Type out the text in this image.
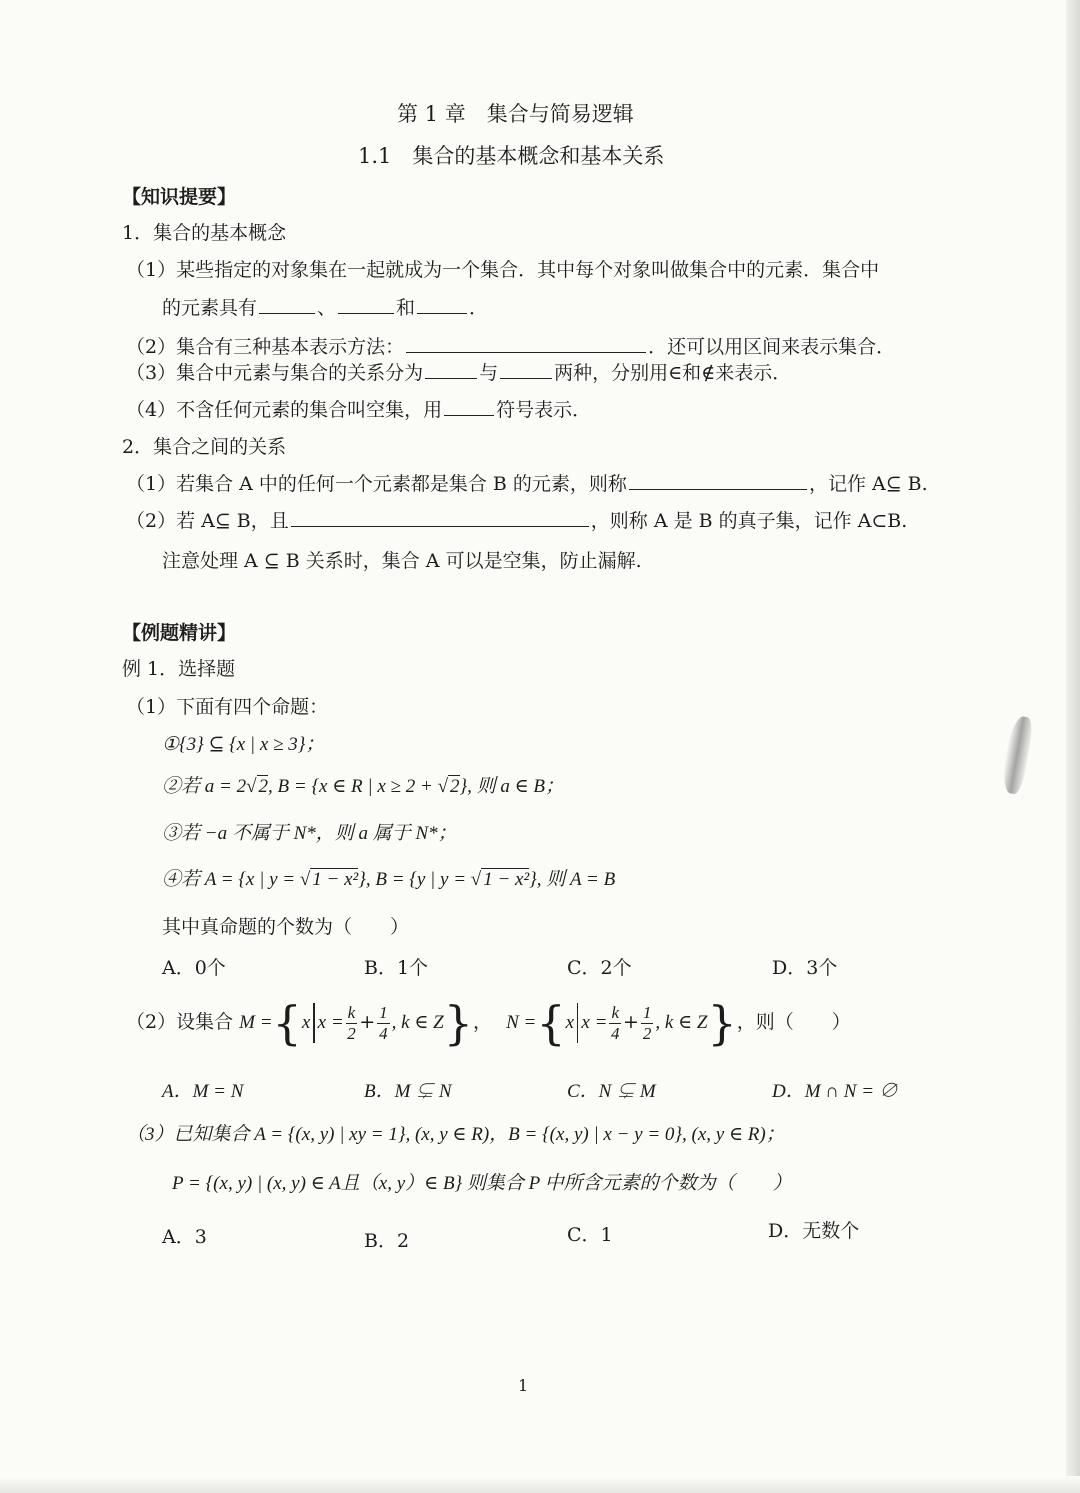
第 1 章　集合与简易逻辑
1.1　集合的基本概念和基本关系
【知识提要】
1．集合的基本概念
（1）某些指定的对象集在一起就成为一个集合．其中每个对象叫做集合中的元素．集合中
的元素具有	、	和	．
（2）集合有三种基本表示方法：	．还可以用区间来表示集合．
（3）集合中元素与集合的关系分为	与	两种，分别用∈和∉来表示．
（4）不含任何元素的集合叫空集，用	符号表示．
2．集合之间的关系
（1）若集合 A 中的任何一个元素都是集合 B 的元素，则称	，记作 A⊆ B.
（2）若 A⊆ B，且	，则称 A 是 B 的真子集，记作 A⊂B.
注意处理 A ⊆ B 关系时，集合 A 可以是空集，防止漏解.
【例题精讲】
例 1．选择题
（1）下面有四个命题：
①{3} ⊆ {x | x ≥ 3}；
②若 a = 2√ 2, B = {x ∈ R | x ≥ 2 + √ 2}, 则 a ∈ B；
③若 −a 不属于 N*，则 a 属于 N*；
④若 A = {x | y = √ 1 − x²}, B = {y | y = √ 1 − x²}, 则 A = B
其中真命题的个数为（　　）
A．0个	B．1个	C．2个	D．3个
（2）设集合 M ={x $x = \frac{k}{2} + \frac{1}{4}$ , k ∈ Z}， N ={x $x = \frac{k}{4} + \frac{1}{2}$ , k ∈ Z}，则（　　）
A．M = N	B．M ⊊ N	C．N ⊊ M	D．M ∩ N = ∅
（3）已知集合 A = {(x, y) | xy = 1}, (x, y ∈ R)，B = {(x, y) | x − y = 0}, (x, y ∈ R)；
P = {(x, y) | (x, y) ∈ A且（x, y）∈ B} 则集合 P 中所含元素的个数为（　　）
A．3	B．2	C．1	D．无数个
1
